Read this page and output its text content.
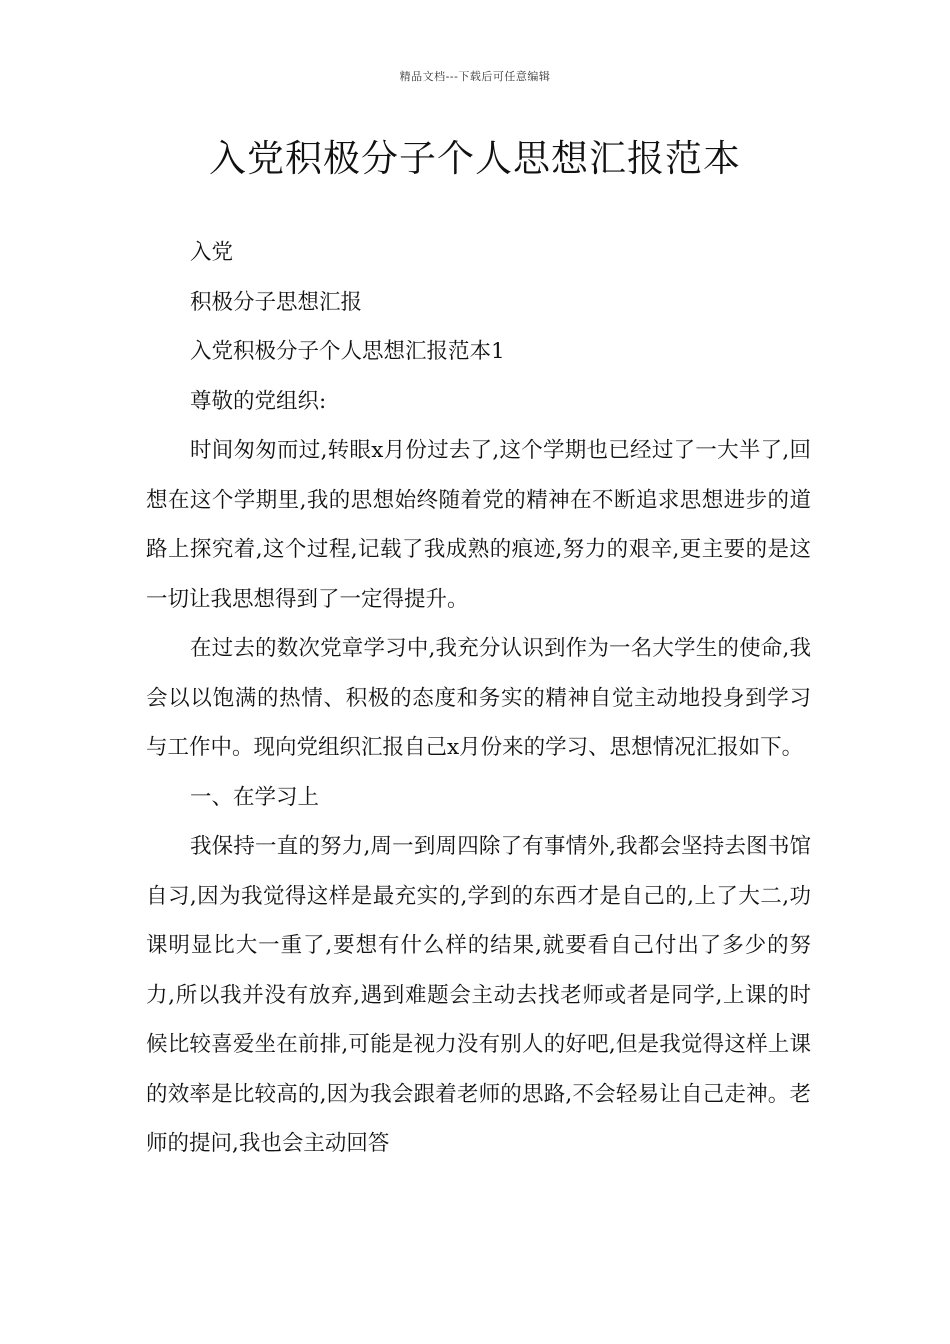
精品文档---下载后可任意编辑
入党积极分子个人思想汇报范本

入党

积极分子思想汇报

入党积极分子个人思想汇报范本1

尊敬的党组织:

时间匆匆而过,转眼x月份过去了,这个学期也已经过了一大半了,回想在这个学期里,我的思想始终随着党的精神在不断追求思想进步的道路上探究着,这个过程,记载了我成熟的痕迹,努力的艰辛,更主要的是这一切让我思想得到了一定得提升。

在过去的数次党章学习中,我充分认识到作为一名大学生的使命,我会以以饱满的热情、积极的态度和务实的精神自觉主动地投身到学习与工作中。现向党组织汇报自己x月份来的学习、思想情况汇报如下。

一、在学习上

我保持一直的努力,周一到周四除了有事情外,我都会坚持去图书馆自习,因为我觉得这样是最充实的,学到的东西才是自己的,上了大二,功课明显比大一重了,要想有什么样的结果,就要看自己付出了多少的努力,所以我并没有放弃,遇到难题会主动去找老师或者是同学,上课的时候比较喜爱坐在前排,可能是视力没有别人的好吧,但是我觉得这样上课的效率是比较高的,因为我会跟着老师的思路,不会轻易让自己走神。老师的提问,我也会主动回答
